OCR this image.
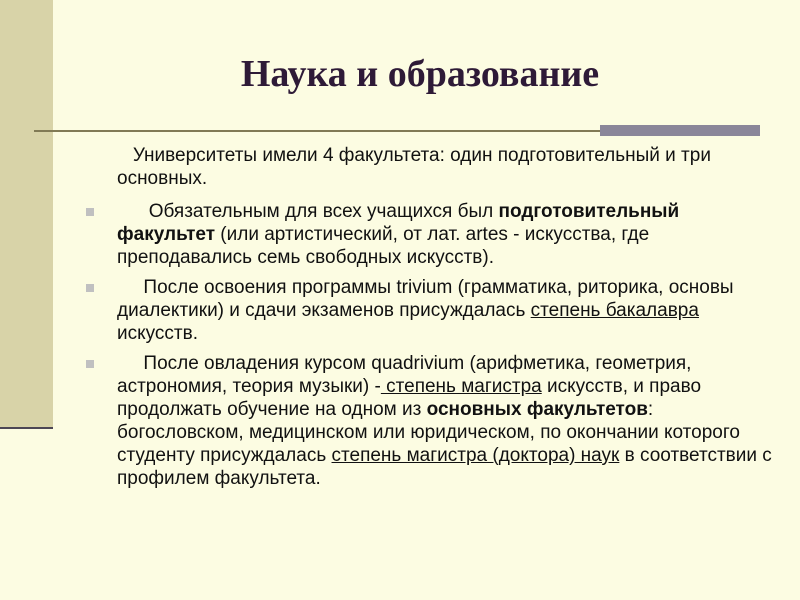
Наука и образование
Университеты имели 4 факультета: один подготовительный и три основных.
Обязательным для всех учащихся был подготовительный факультет (или артистический, от лат. artes - искусства, где преподавались семь свободных искусств).
После освоения программы trivium (грамматика, риторика, основы диалектики) и сдачи экзаменов присуждалась степень бакалавра искусств.
После овладения курсом quadrivium (арифметика, геометрия, астрономия, теория музыки) - степень магистра искусств, и право продолжать обучение на одном из основных факультетов: богословском, медицинском или юридическом, по окончании которого студенту присуждалась степень магистра (доктора) наук в соответствии с профилем факультета.
